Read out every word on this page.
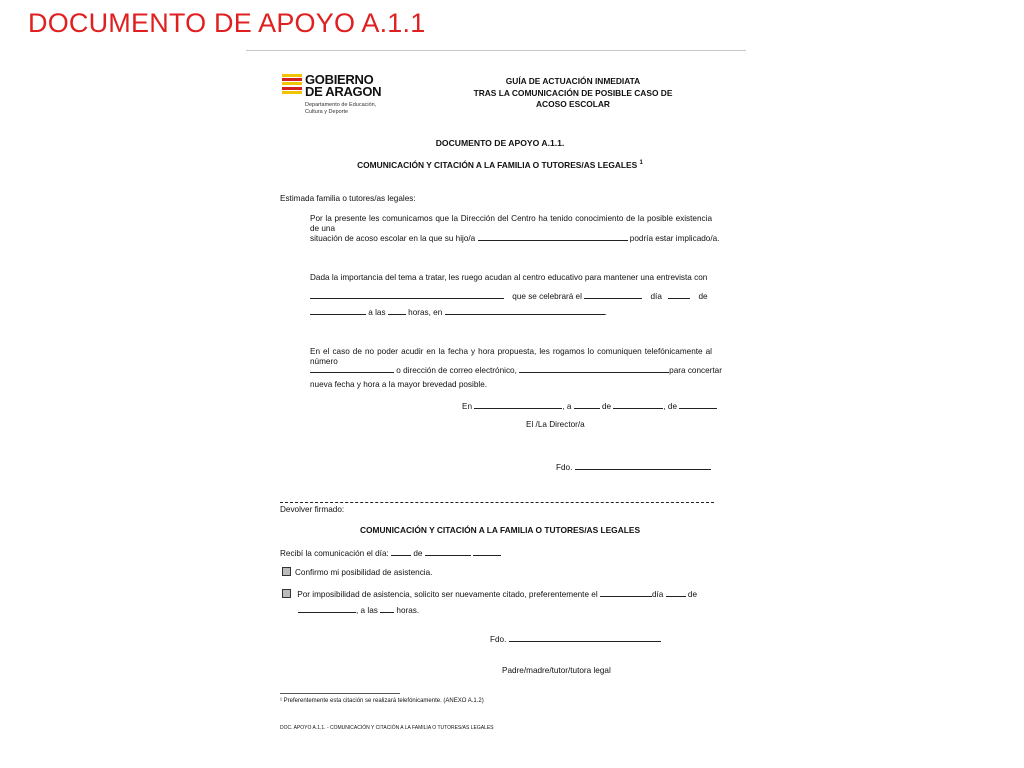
DOCUMENTO DE APOYO A.1.1
GOBIERNO
DE ARAGON
Departamento de Educación,
Cultura y Deporte
GUÍA DE ACTUACIÓN INMEDIATA
TRAS LA COMUNICACIÓN DE POSIBLE CASO DE
ACOSO ESCOLAR
DOCUMENTO DE APOYO A.1.1.
COMUNICACIÓN Y CITACIÓN A LA FAMILIA O TUTORES/AS LEGALES $^1$
Estimada familia o tutores/as legales:
Por la presente les comunicamos que la Dirección del Centro ha tenido conocimiento de la posible existencia de una
situación de acoso escolar en la que su hijo/a	podría estar implicado/a.
Dada la importancia del tema a tratar, les ruego acudan al centro educativo para mantener una entrevista con
que se celebrará el	día	de
a las	horas, en	.
En el caso de no poder acudir en la fecha y hora propuesta, les rogamos lo comuniquen telefónicamente al número
o dirección de correo electrónico,	para concertar
nueva fecha y hora a la mayor brevedad posible.
En	, a	de	, de
El /La Director/a
Fdo.
Devolver firmado:
COMUNICACIÓN Y CITACIÓN A LA FAMILIA O TUTORES/AS LEGALES
Recibí la comunicación el día:	de
Confirmo mi posibilidad de asistencia.
Por imposibilidad de asistencia, solicito ser nuevamente citado, preferentemente el	día	de
, a las horas.
Fdo.
Padre/madre/tutor/tutora legal
¹ Preferentemente esta citación se realizará telefónicamente. (ANEXO A.1.2)
DOC. APOYO A.1.1. - COMUNICACIÓN Y CITACIÓN A LA FAMILIA O TUTORES/AS LEGALES
